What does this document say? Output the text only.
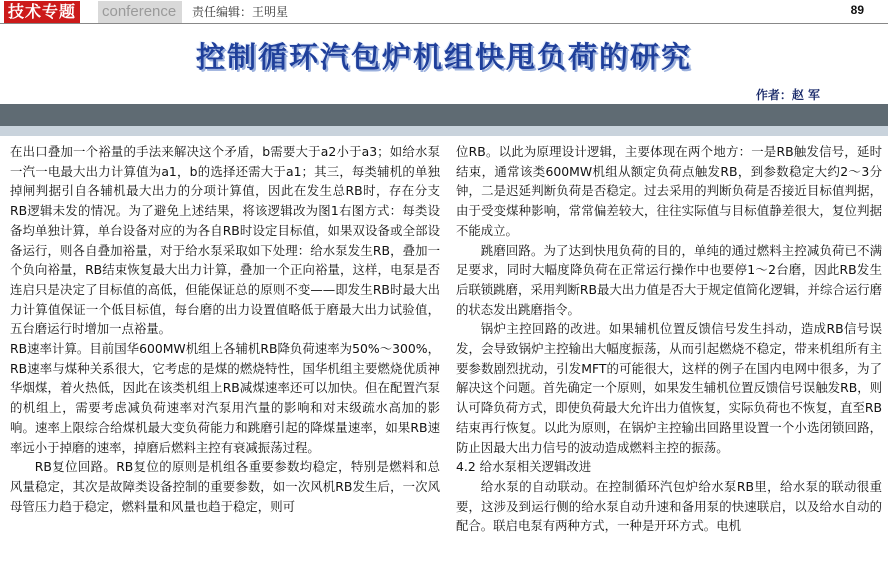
技术专题 conference	责任编辑：王明星	89
控制循环汽包炉机组快甩负荷的研究
作者：赵 军

在出口叠加一个裕量的手法来解决这个矛盾，b需要大于a2小于a3；如给水泵一汽一电最大出力计算值为a1，b的选择还需大于a1；其三，每类辅机的单独掉闸判据引自各辅机最大出力的分项计算值，因此在发生总RB时，存在分支RB逻辑未发的情况。为了避免上述结果，将该逻辑改为图1右图方式：每类设备均单独计算，单台设备对应的为各自RB时设定目标值，如果双设备或全部设备运行，则各自叠加裕量，对于给水泵采取如下处理：给水泵发生RB，叠加一个负向裕量，RB结束恢复最大出力计算，叠加一个正向裕量，这样，电泵是否连启只是决定了目标值的高低，但能保证总的原则不变——即发生RB时最大出力计算值保证一个低目标值，每台磨的出力设置值略低于磨最大出力试验值，五台磨运行时增加一点裕量。

RB速率计算。目前国华600MW机组上各辅机RB降负荷速率为50%～300%，RB速率与煤种关系很大，它考虑的是煤的燃烧特性，国华机组主要燃烧优质神华烟煤，着火热低，因此在该类机组上RB减煤速率还可以加快。但在配置汽泵的机组上，需要考虑减负荷速率对汽泵用汽量的影响和对末级疏水高加的影响。速率上限综合给煤机最大变负荷能力和跳磨引起的降煤量速率，如果RB速率远小于掉磨的速率，掉磨后燃料主控有衰减振荡过程。

RB复位回路。RB复位的原则是机组各重要参数均稳定，特别是燃料和总风量稳定，其次是故障类设备控制的重要参数，如一次风机RB发生后，一次风母管压力趋于稳定，燃料量和风量也趋于稳定，则可

位RB。以此为原理设计逻辑，主要体现在两个地方：一是RB触发信号，延时结束，通常该类600MW机组从额定负荷点触发RB，到参数稳定大约2～3分钟，二是迟延判断负荷是否稳定。过去采用的判断负荷是否接近目标值判据，由于受变煤种影响，常常偏差较大，往往实际值与目标值静差很大，复位判据不能成立。

跳磨回路。为了达到快甩负荷的目的，单纯的通过燃料主控减负荷已不满足要求，同时大幅度降负荷在正常运行操作中也要停1～2台磨，因此RB发生后联锁跳磨，采用判断RB最大出力值是否大于规定值简化逻辑，并综合运行磨的状态发出跳磨指令。

锅炉主控回路的改进。如果辅机位置反馈信号发生抖动，造成RB信号误发，会导致锅炉主控输出大幅度振荡，从而引起燃烧不稳定，带来机组所有主要参数剧烈扰动，引发MFT的可能很大，这样的例子在国内电网中很多，为了解决这个问题。首先确定一个原则，如果发生辅机位置反馈信号误触发RB，则认可降负荷方式，即使负荷最大允许出力值恢复，实际负荷也不恢复，直至RB结束再行恢复。以此为原则，在锅炉主控输出回路里设置一个小选闭锁回路，防止因最大出力信号的波动造成燃料主控的振荡。

4.2 给水泵相关逻辑改进

给水泵的自动联动。在控制循环汽包炉给水泵RB里，给水泵的联动很重要，这涉及到运行侧的给水泵自动升速和备用泵的快速联启，以及给水自动的配合。联启电泵有两种方式，一种是开环方式。电机
